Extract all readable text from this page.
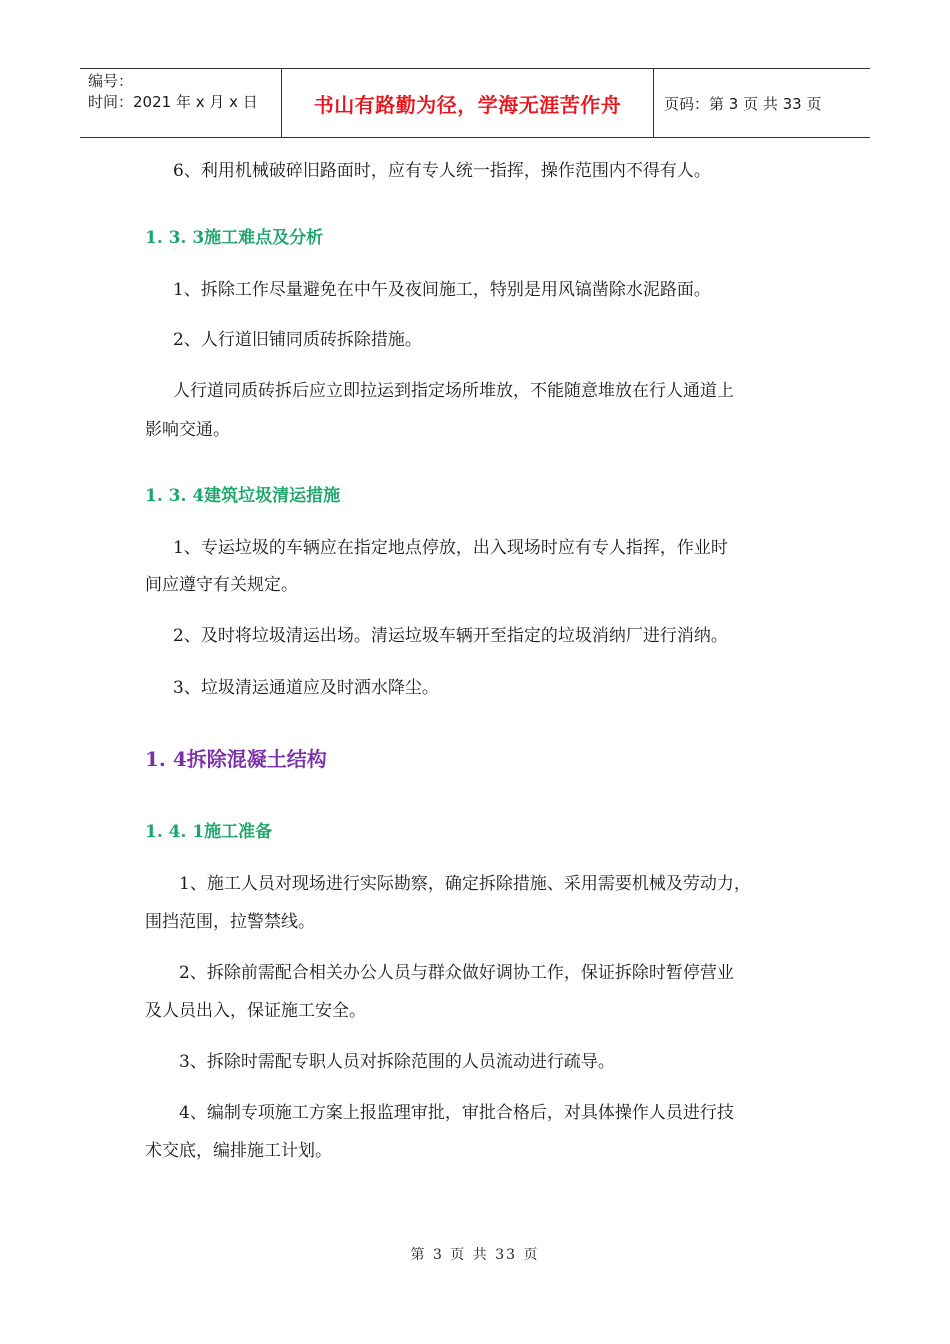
编号：
时间：2021 年 x 月 x 日	书山有路勤为径，学海无涯苦作舟	页码：第 3 页 共 33 页

6、利用机械破碎旧路面时，应有专人统一指挥，操作范围内不得有人。

1. 3. 3施工难点及分析

1、拆除工作尽量避免在中午及夜间施工，特别是用风镐凿除水泥路面。

2、人行道旧铺同质砖拆除措施。

人行道同质砖拆后应立即拉运到指定场所堆放，不能随意堆放在行人通道上

影响交通。

1. 3. 4建筑垃圾清运措施

1、专运垃圾的车辆应在指定地点停放，出入现场时应有专人指挥，作业时

间应遵守有关规定。

2、及时将垃圾清运出场。清运垃圾车辆开至指定的垃圾消纳厂进行消纳。

3、垃圾清运通道应及时洒水降尘。

1. 4拆除混凝土结构
1. 4. 1施工准备

1、施工人员对现场进行实际勘察，确定拆除措施、采用需要机械及劳动力，

围挡范围，拉警禁线。

2、拆除前需配合相关办公人员与群众做好调协工作，保证拆除时暂停营业

及人员出入，保证施工安全。

3、拆除时需配专职人员对拆除范围的人员流动进行疏导。

4、编制专项施工方案上报监理审批，审批合格后，对具体操作人员进行技

术交底，编排施工计划。

第 3 页 共 33 页
